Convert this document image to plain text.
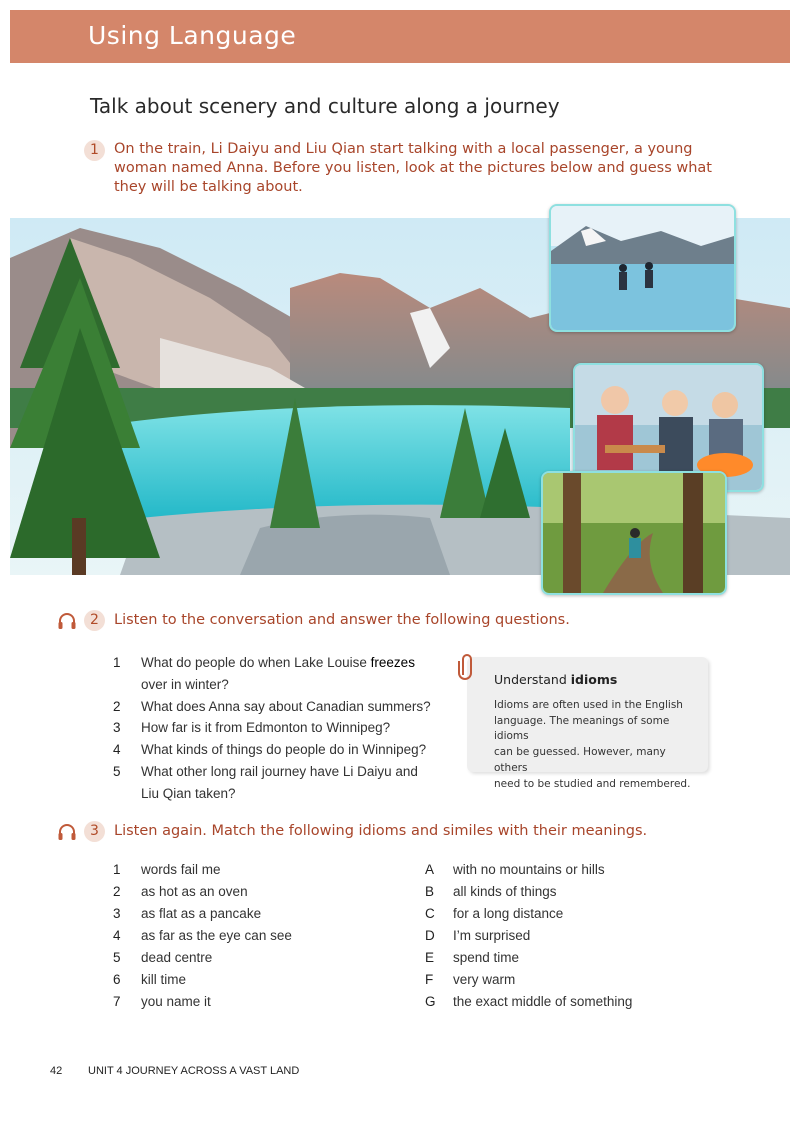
Using Language
Talk about scenery and culture along a journey
1	On the train, Li Daiyu and Liu Qian start talking with a local passenger, a young
woman named Anna. Before you listen, look at the pictures below and guess what
they will be talking about.
2	Listen to the conversation and answer the following questions.
1	What do people do when Lake Louise freezes
over in winter?
2	What does Anna say about Canadian summers?
3	How far is it from Edmonton to Winnipeg?
4	What kinds of things do people do in Winnipeg?
5	What other long rail journey have Li Daiyu and
Liu Qian taken?
Understand idioms
Idioms are often used in the English
language. The meanings of some idioms
can be guessed. However, many others
need to be studied and remembered.
3	Listen again. Match the following idioms and similes with their meanings.
1 words fail me
2 as hot as an oven
3 as flat as a pancake
4 as far as the eye can see
5 dead centre
6 kill time
7 you name it
A with no mountains or hills
B all kinds of things
C for a long distance
D I’m surprised
E spend time
F very warm
G the exact middle of something
42 UNIT 4 JOURNEY ACROSS A VAST LAND
